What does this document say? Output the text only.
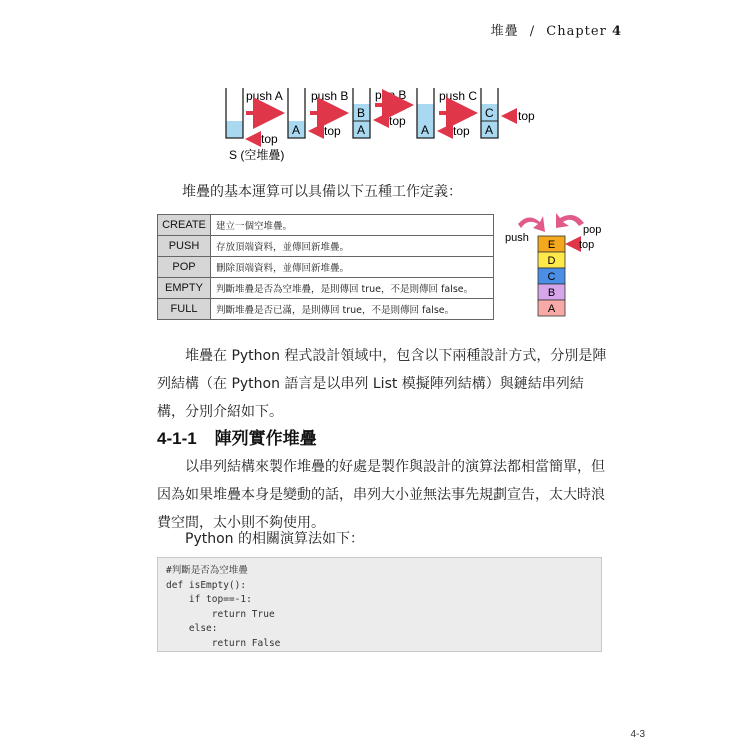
堆疊 / Chapter 4
top
S (空堆疊)
push A
A top
push B
B
A
top
pop B
A top
push C
C
A
top
push
pop
E
D
C
B
A
top
堆疊的基本運算可以具備以下五種工作定義：
CREATE	建立一個空堆疊。
PUSH	存放頂端資料，並傳回新堆疊。
POP	刪除頂端資料，並傳回新堆疊。
EMPTY	判斷堆疊是否為空堆疊，是則傳回 true，不是則傳回 false。
FULL	判斷堆疊是否已滿，是則傳回 true，不是則傳回 false。
堆疊在 Python 程式設計領域中，包含以下兩種設計方式，分別是陣列結構（在 Python 語言是以串列 List 模擬陣列結構）與鏈結串列結構，分別介紹如下。
4-1-1 陣列實作堆疊
以串列結構來製作堆疊的好處是製作與設計的演算法都相當簡單，但因為如果堆疊本身是變動的話，串列大小並無法事先規劃宣告，太大時浪費空間，太小則不夠使用。
Python 的相關演算法如下：
#判斷是否為空堆疊
def isEmpty():
if top==-1:
return True
else:
return False
4-3
